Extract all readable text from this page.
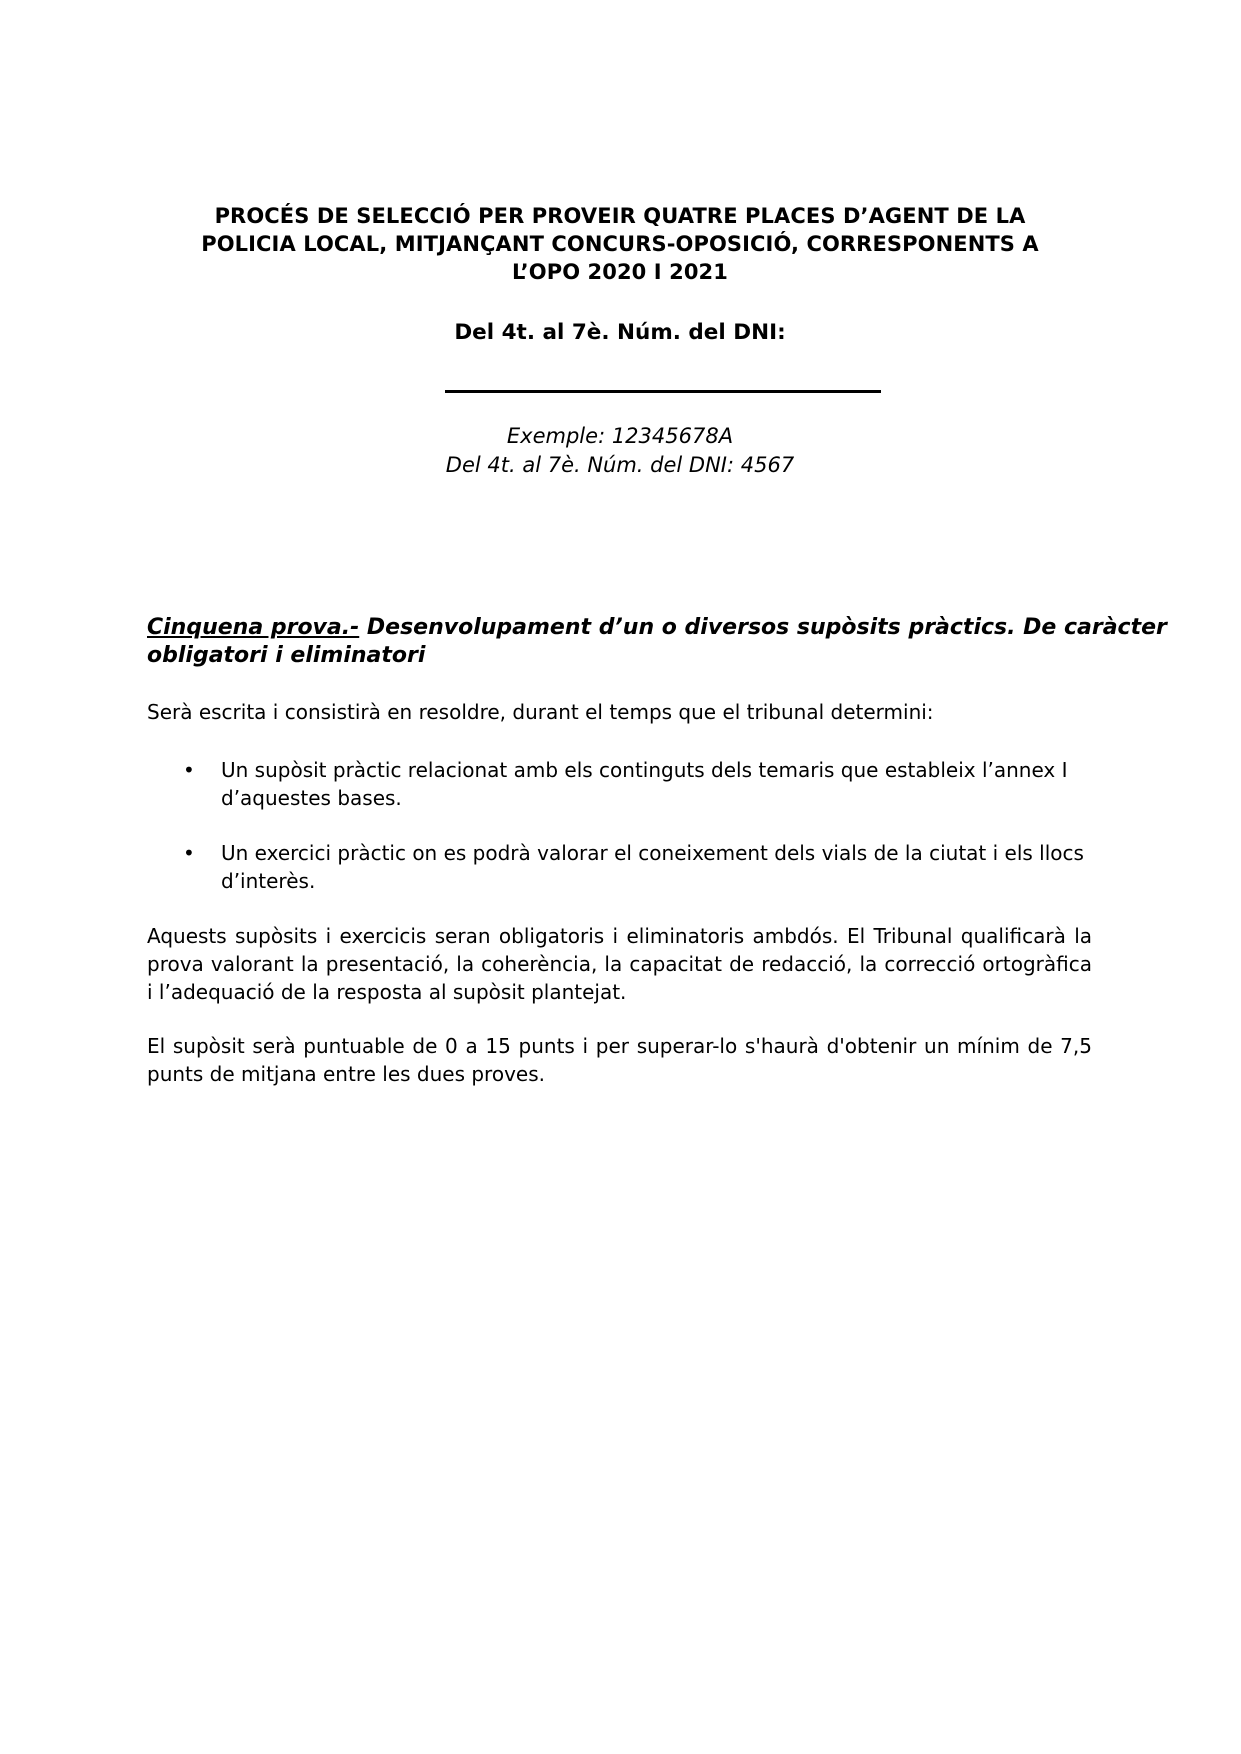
PROCÉS DE SELECCIÓ PER PROVEIR QUATRE PLACES D’AGENT DE LA
POLICIA LOCAL, MITJANÇANT CONCURS-OPOSICIÓ, CORRESPONENTS A
L’OPO 2020 I 2021
Del 4t. al 7è. Núm. del DNI:
Exemple: 12345678A
Del 4t. al 7è. Núm. del DNI: 4567
Cinquena prova.- Desenvolupament d’un o diversos supòsits pràctics. De caràcter
obligatori i eliminatori
Serà escrita i consistirà en resoldre, durant el temps que el tribunal determini:
• Un supòsit pràctic relacionat amb els continguts dels temaris que estableix l’annex I
d’aquestes bases.
• Un exercici pràctic on es podrà valorar el coneixement dels vials de la ciutat i els llocs
d’interès.
Aquests supòsits i exercicis seran obligatoris i eliminatoris ambdós. El Tribunal qualificarà la
prova valorant la presentació, la coherència, la capacitat de redacció, la correcció ortogràfica
i l’adequació de la resposta al supòsit plantejat.
El supòsit serà puntuable de 0 a 15 punts i per superar-lo s'haurà d'obtenir un mínim de 7,5
punts de mitjana entre les dues proves.
